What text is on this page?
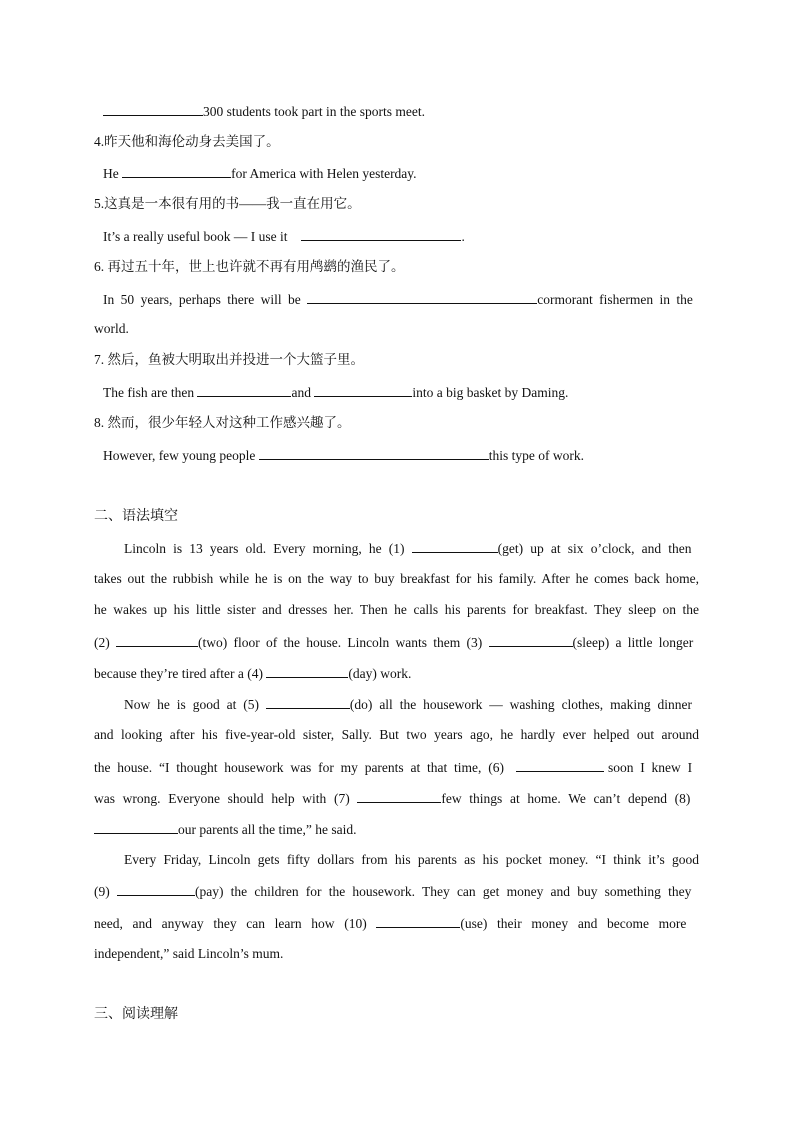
300 students took part in the sports meet.
4.昨天他和海伦动身去美国了。
He	for America with Helen yesterday.
5.这真是一本很有用的书——我一直在用它。
It’s a really useful book — I use it	.
6. 再过五十年，世上也许就不再有用鸬鹚的渔民了。
In 50 years, perhaps there will be	cormorant fishermen in the
world.
7. 然后，鱼被大明取出并投进一个大篮子里。
The fish are then	and	into a big basket by Daming.
8. 然而，很少年轻人对这种工作感兴趣了。
However, few young people	this type of work.
二、语法填空
Lincoln is 13 years old. Every morning, he (1)	(get) up at six o’clock, and then
takes out the rubbish while he is on the way to buy breakfast for his family. After he comes back home,
he wakes up his little sister and dresses her. Then he calls his parents for breakfast. They sleep on the
(2)	(two) floor of the house. Lincoln wants them (3)	(sleep) a little longer
because they’re tired after a (4)	(day) work.
Now he is good at (5)	(do) all the housework — washing clothes, making dinner
and looking after his five-year-old sister, Sally. But two years ago, he hardly ever helped out around
the house. “I thought housework was for my parents at that time, (6)	soon I knew I
was wrong. Everyone should help with (7)	few things at home. We can’t depend (8)
our parents all the time,” he said.
Every Friday, Lincoln gets fifty dollars from his parents as his pocket money. “I think it’s good
(9)	(pay) the children for the housework. They can get money and buy something they
need, and anyway they can learn how (10)	(use) their money and become more
independent,” said Lincoln’s mum.
三、阅读理解
